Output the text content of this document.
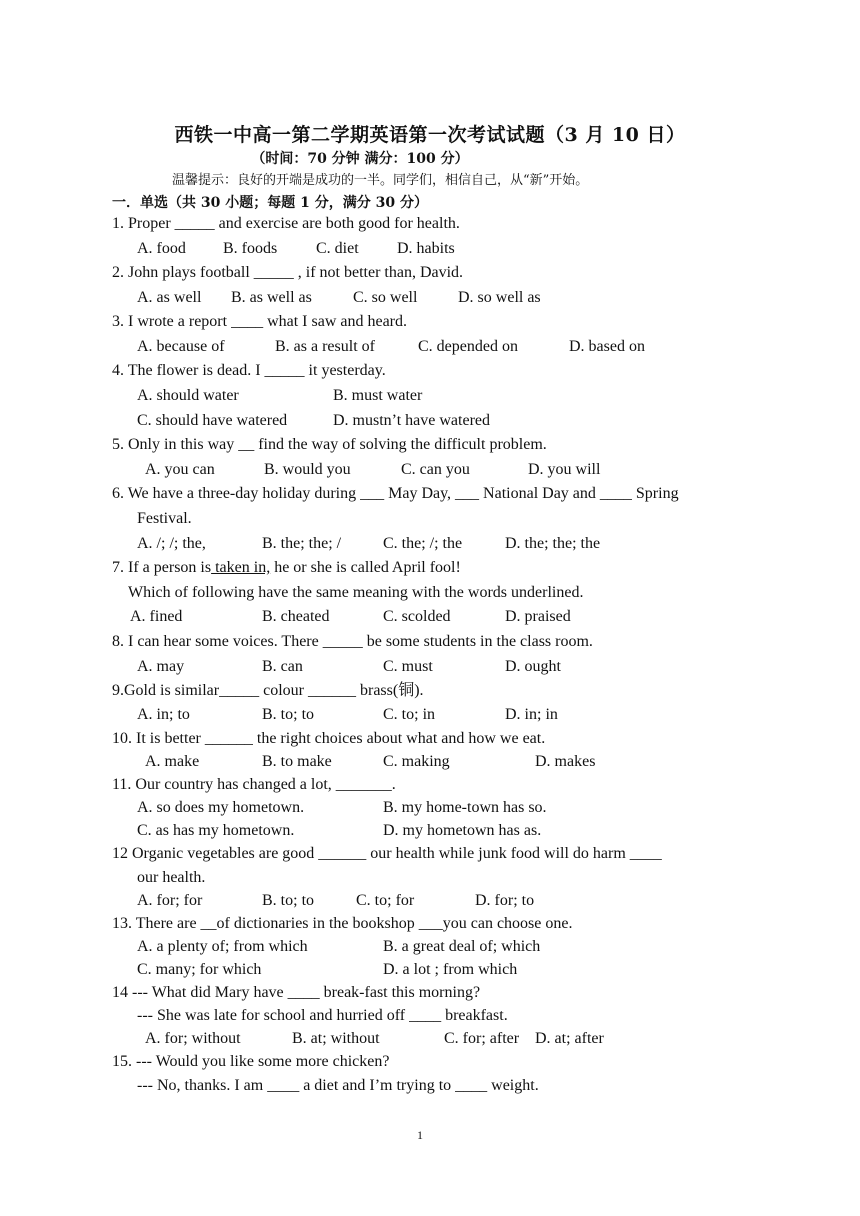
西铁一中高一第二学期英语第一次考试试题（3 月 10 日）
（时间：70 分钟 满分：100 分）
温馨提示：良好的开端是成功的一半。同学们，相信自己，从“新”开始。
一．单选（共 30 小题；每题 1 分，满分 30 分）
1. Proper _____ and exercise are both good for health.
A. food B. foods C. diet D. habits
2. John plays football _____ , if not better than, David.
A. as well B. as well as	C. so well	D. so well as
3. I wrote a report ____ what I saw and heard.
A. because of	B. as a result of	C. depended on	D. based on
4. The flower is dead. I _____ it yesterday.
A. should water	B. must water
C. should have watered	D. mustn’t have watered
5. Only in this way __ find the way of solving the difficult problem.
A. you can	B. would you	C. can you	D. you will
6. We have a three-day holiday during ___ May Day, ___ National Day and ____ Spring
Festival.
A. /; /; the,	B. the; the; /	C. the; /; the	D. the; the; the
7. If a person is taken in, he or she is called April fool!
Which of following have the same meaning with the words underlined.
A. fined	B. cheated	C. scolded	D. praised
8. I can hear some voices. There _____ be some students in the class room.
A. may	B. can	C. must	D. ought
9.Gold is similar_____ colour ______ brass(铜).
A. in; to	B. to; to	C. to; in	D. in; in
10. It is better ______ the right choices about what and how we eat.
A. make	B. to make	C. making	D. makes
11. Our country has changed a lot, _______.
A. so does my hometown.	B. my home-town has so.
C. as has my hometown.	D. my hometown has as.
12 Organic vegetables are good ______ our health while junk food will do harm ____
our health.
A. for; for	B. to; to	C. to; for	D. for; to
13. There are __of dictionaries in the bookshop ___you can choose one.
A. a plenty of; from which	B. a great deal of; which
C. many; for which	D. a lot ; from which
14 --- What did Mary have ____ break-fast this morning?
--- She was late for school and hurried off ____ breakfast.
A. for; without	B. at; without	C. for; after D. at; after
15. --- Would you like some more chicken?
--- No, thanks. I am ____ a diet and I’m trying to ____ weight.
1
